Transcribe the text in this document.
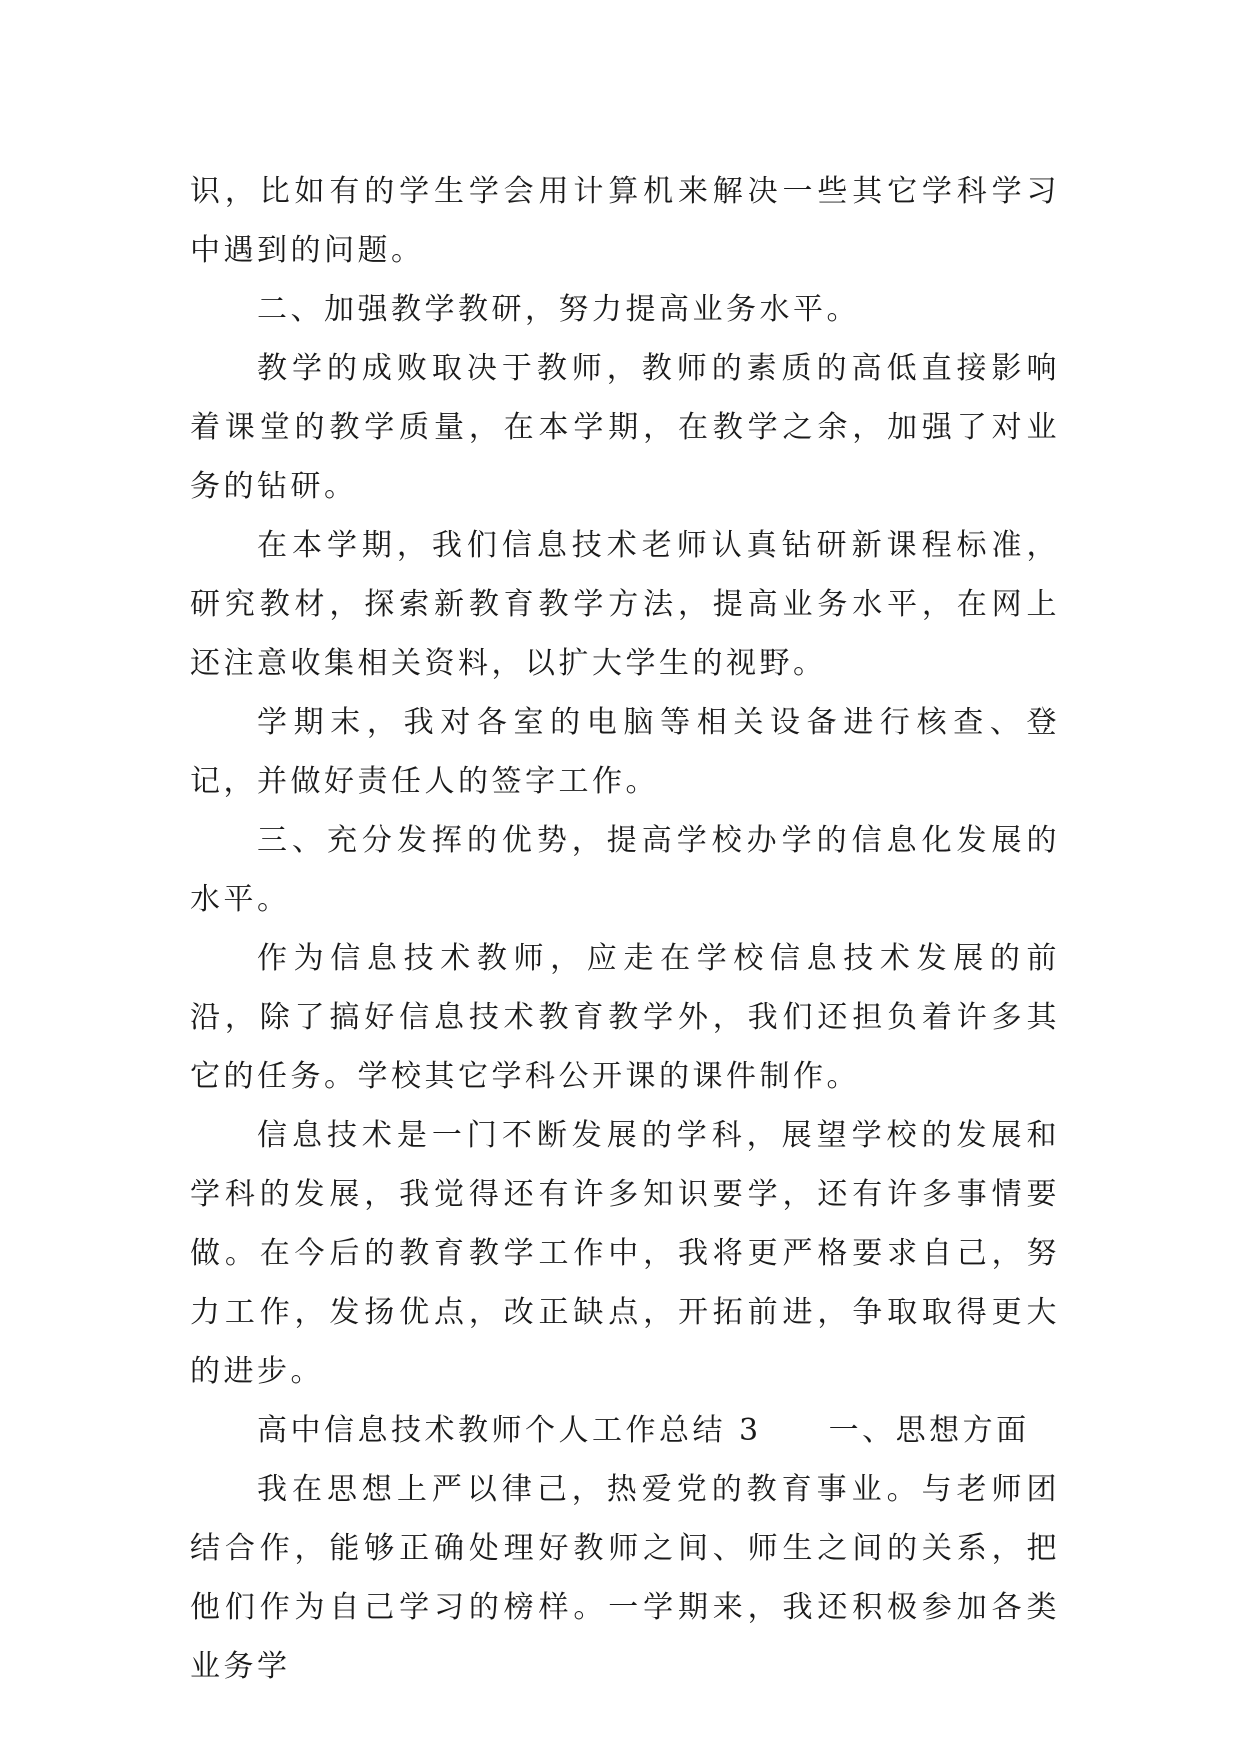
识，比如有的学生学会用计算机来解决一些其它学科学习中遇到的问题。

二、加强教学教研，努力提高业务水平。

教学的成败取决于教师，教师的素质的高低直接影响着课堂的教学质量，在本学期，在教学之余，加强了对业务的钻研。

在本学期，我们信息技术老师认真钻研新课程标准，研究教材，探索新教育教学方法，提高业务水平，在网上还注意收集相关资料，以扩大学生的视野。

学期末，我对各室的电脑等相关设备进行核查、登记，并做好责任人的签字工作。

三、充分发挥的优势，提高学校办学的信息化发展的水平。

作为信息技术教师，应走在学校信息技术发展的前沿，除了搞好信息技术教育教学外，我们还担负着许多其它的任务。学校其它学科公开课的课件制作。

信息技术是一门不断发展的学科，展望学校的发展和学科的发展，我觉得还有许多知识要学，还有许多事情要做。在今后的教育教学工作中，我将更严格要求自己，努力工作，发扬优点，改正缺点，开拓前进，争取取得更大的进步。

高中信息技术教师个人工作总结 3　　一、思想方面

我在思想上严以律己，热爱党的教育事业。与老师团结合作，能够正确处理好教师之间、师生之间的关系，把他们作为自己学习的榜样。一学期来，我还积极参加各类业务学
